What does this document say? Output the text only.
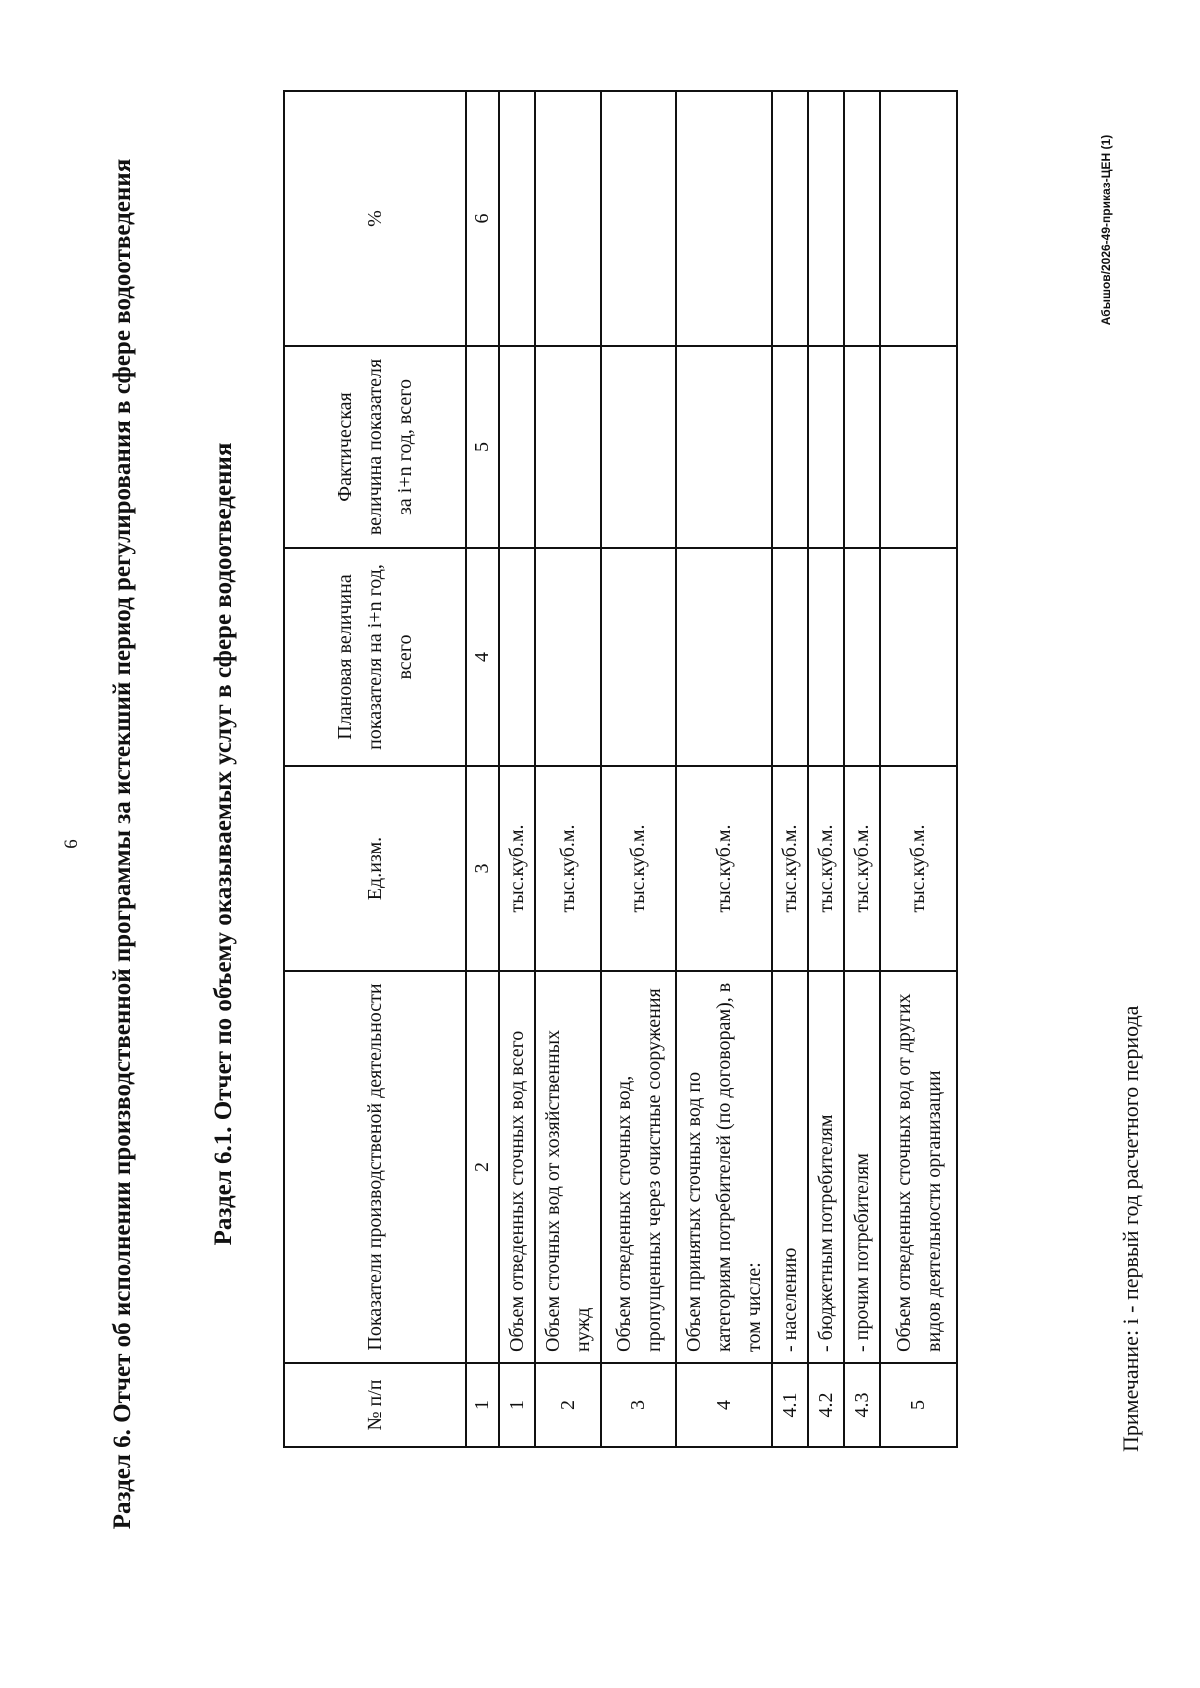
6
Абышов/2026-49-приказ-ЦЕН (1)
Раздел 6. Отчет об исполнении производственной программы за истекший период регулирования в сфере водоотведения	Раздел 6.1. Отчет по объему оказываемых услуг в сфере водоотведения
№ п/п	Показатели производственой деятельности	Ед.изм.	Плановая величина показателя на i+n год, всего	Фактическая величина показателя за i+n год, всего	%
1	2	3	4	5	6
1	Объем отведенных сточных вод всего	тыс.куб.м.			
2	Объем сточных вод от хозяйственных нужд	тыс.куб.м.			
3	Объем отведенных сточных вод, пропущенных через очистные сооружения	тыс.куб.м.			
4	Объем принятых сточных вод по категориям потребителей (по договорам), в том числе:	тыс.куб.м.			
4.1	- населению	тыс.куб.м.			
4.2	- бюджетным потребителям	тыс.куб.м.			
4.3	- прочим потребителям	тыс.куб.м.			
5	Объем отведенных сточных вод от других видов деятельности организации	тыс.куб.м.			
Примечание: i - первый год расчетного периода
